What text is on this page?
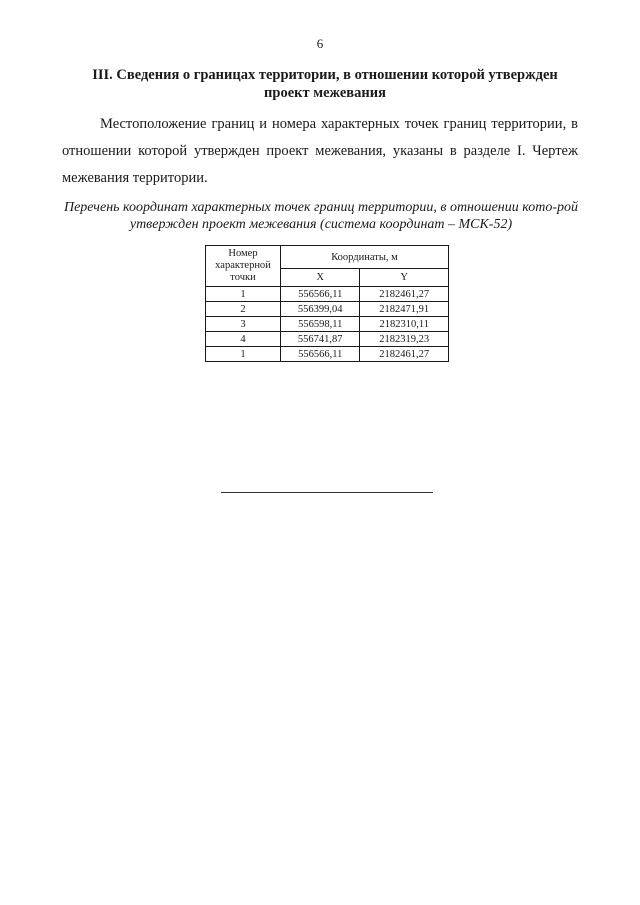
6
III. Сведения о границах территории, в отношении которой утвержден проект межевания

Местоположение границ и номера характерных точек границ территории, в отношении которой утвержден проект межевания, указаны в разделе I. Чертеж межевания территории.

Перечень координат характерных точек границ территории, в отношении кото-рой утвержден проект межевания (система координат – МСК-52)
Номер характерной точки	Координаты, м	
	X	Y
1	556566,11	2182461,27
2	556399,04	2182471,91
3	556598,11	2182310,11
4	556741,87	2182319,23
1	556566,11	2182461,27
